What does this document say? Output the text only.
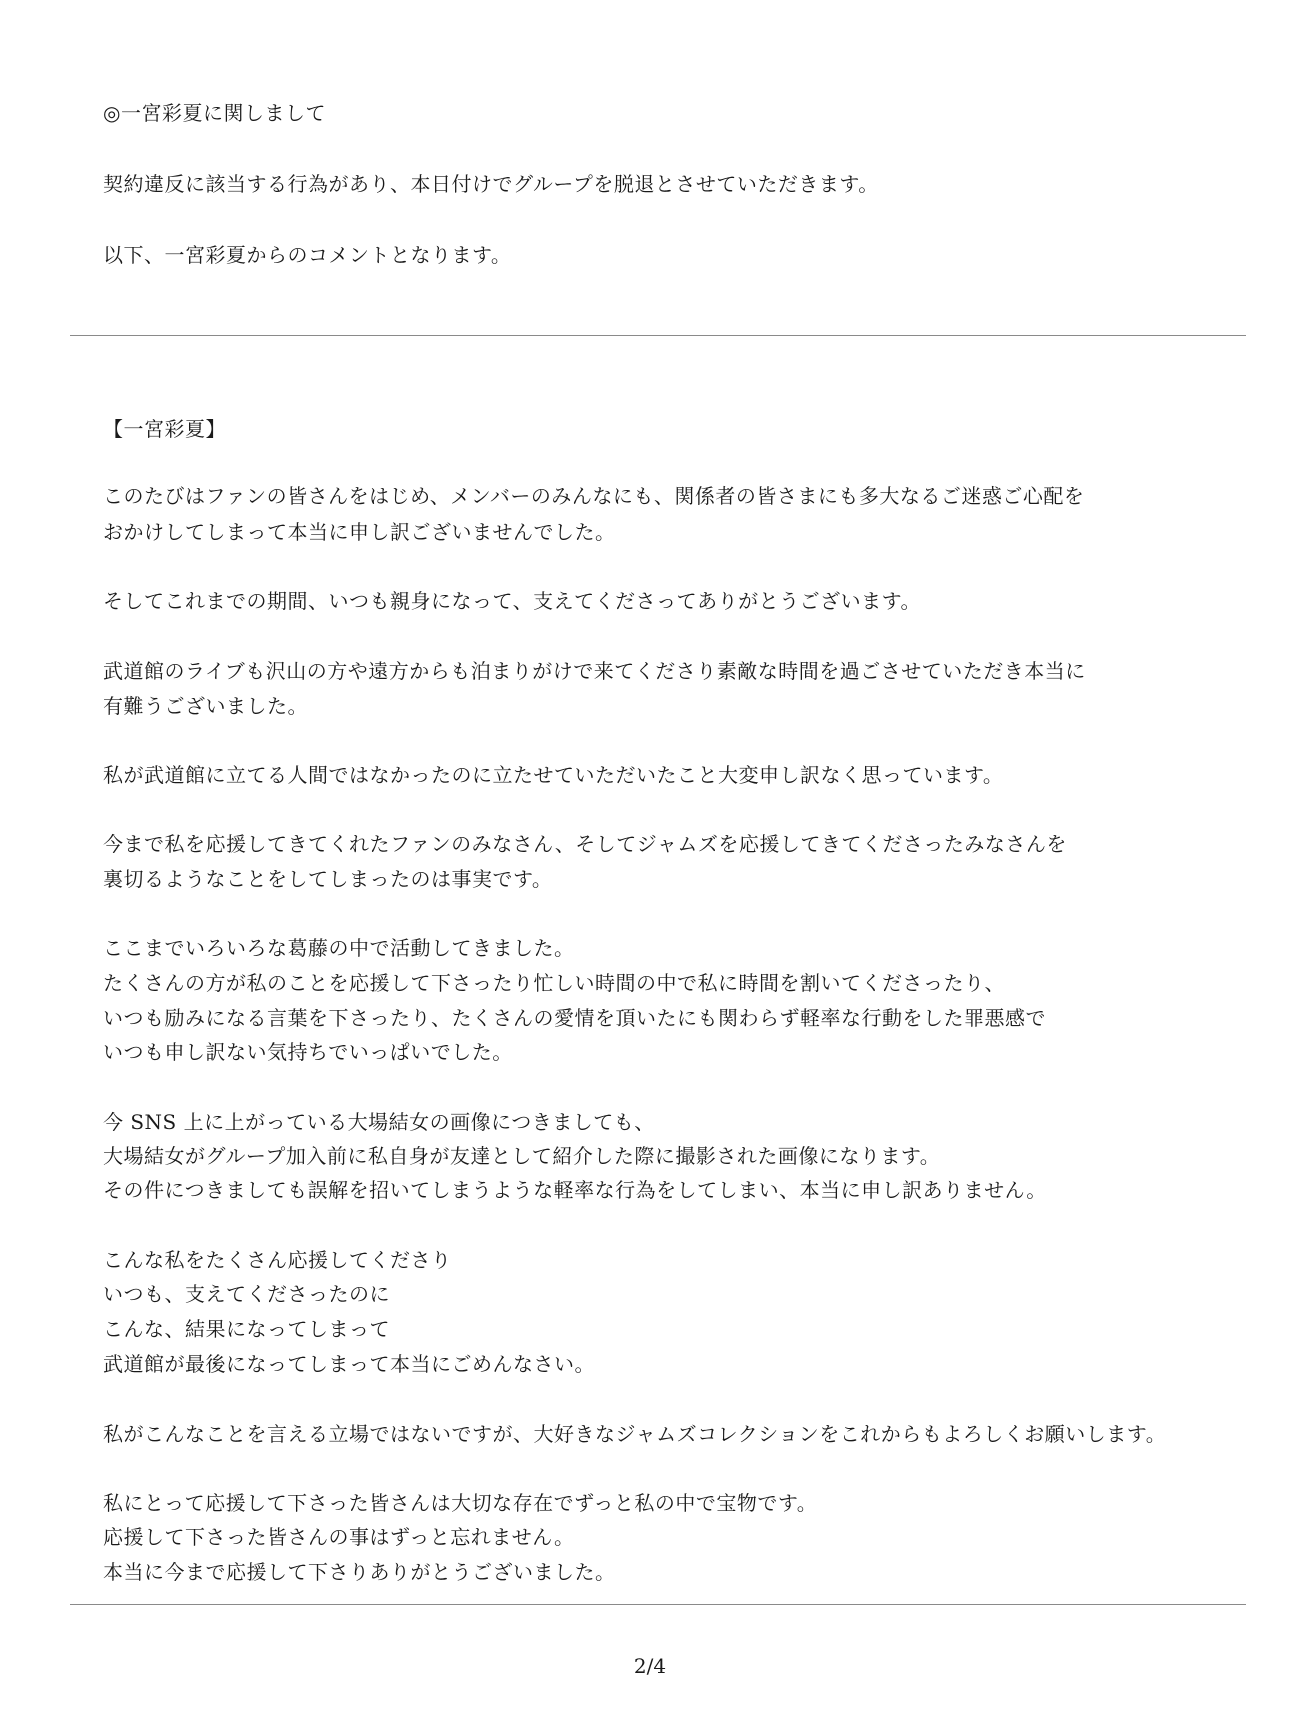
◎一宮彩夏に関しまして
契約違反に該当する行為があり、本日付けでグループを脱退とさせていただきます。
以下、一宮彩夏からのコメントとなります。
【一宮彩夏】
このたびはファンの皆さんをはじめ、メンバーのみんなにも、関係者の皆さまにも多大なるご迷惑ご心配を
おかけしてしまって本当に申し訳ございませんでした。
そしてこれまでの期間、いつも親身になって、支えてくださってありがとうございます。
武道館のライブも沢山の方や遠方からも泊まりがけで来てくださり素敵な時間を過ごさせていただき本当に
有難うございました。
私が武道館に立てる人間ではなかったのに立たせていただいたこと大変申し訳なく思っています。
今まで私を応援してきてくれたファンのみなさん、そしてジャムズを応援してきてくださったみなさんを
裏切るようなことをしてしまったのは事実です。
ここまでいろいろな葛藤の中で活動してきました。
たくさんの方が私のことを応援して下さったり忙しい時間の中で私に時間を割いてくださったり、
いつも励みになる言葉を下さったり、たくさんの愛情を頂いたにも関わらず軽率な行動をした罪悪感で
いつも申し訳ない気持ちでいっぱいでした。
今 SNS 上に上がっている大場結女の画像につきましても、
大場結女がグループ加入前に私自身が友達として紹介した際に撮影された画像になります。
その件につきましても誤解を招いてしまうような軽率な行為をしてしまい、本当に申し訳ありません。
こんな私をたくさん応援してくださり
いつも、支えてくださったのに
こんな、結果になってしまって
武道館が最後になってしまって本当にごめんなさい。
私がこんなことを言える立場ではないですが、大好きなジャムズコレクションをこれからもよろしくお願いします。
私にとって応援して下さった皆さんは大切な存在でずっと私の中で宝物です。
応援して下さった皆さんの事はずっと忘れません。
本当に今まで応援して下さりありがとうございました。
2/4
